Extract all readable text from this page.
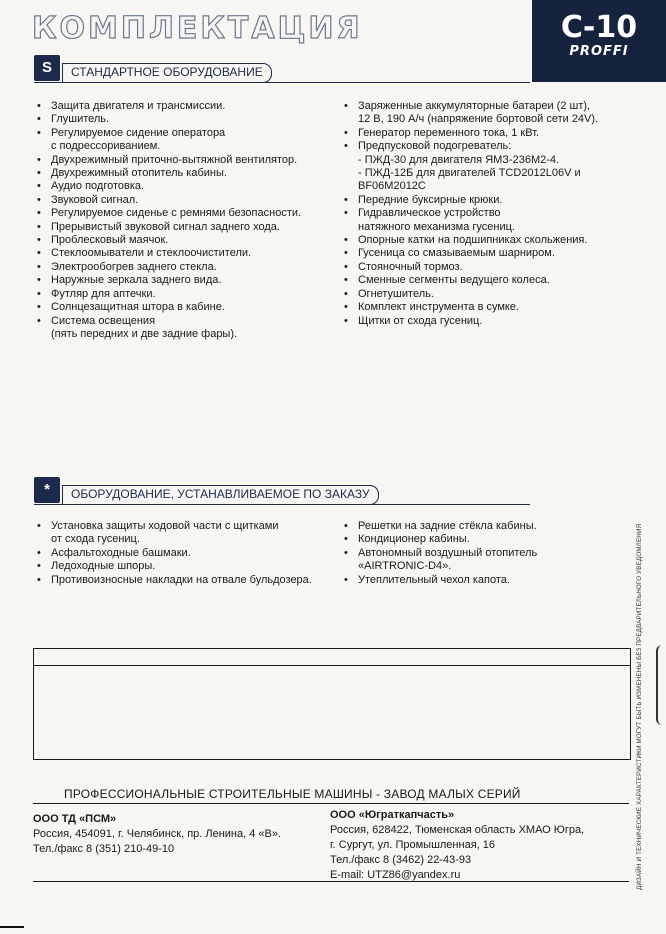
КОМПЛЕКТАЦИЯ	С-10
PROFFI
S	СТАНДАРТНОЕ ОБОРУДОВАНИЕ
• Защита двигателя и трансмиссии.
• Глушитель.
• Регулируемое сидение оператора
с подрессориванием.
• Двухрежимный приточно-вытяжной вентилятор.
• Двухрежимный отопитель кабины.
• Аудио подготовка.
• Звуковой сигнал.
• Регулируемое сиденье с ремнями безопасности.
• Прерывистый звуковой сигнал заднего хода.
• Проблесковый маячок.
• Стеклоомыватели и стеклоочистители.
• Электрообогрев заднего стекла.
• Наружные зеркала заднего вида.
• Футляр для аптечки.
• Солнцезащитная штора в кабине.
• Система освещения
(пять передних и две задние фары).
• Заряженные аккумуляторные батареи (2 шт),
12 В, 190 А/ч (напряжение бортовой сети 24V).
• Генератор переменного тока, 1 кВт.
• Предпусковой подогреватель:
- ПЖД-30 для двигателя ЯМЗ-236М2-4.
- ПЖД-12Б для двигателей TCD2012L06V и
BF06M2012C
• Передние буксирные крюки.
• Гидравлическое устройство
натяжного механизма гусениц.
• Опорные катки на подшипниках скольжения.
• Гусеница со смазываемым шарниром.
• Стояночный тормоз.
• Сменные сегменты ведущего колеса.
• Огнетушитель.
• Комплект инструмента в сумке.
• Щитки от схода гусениц.
*	ОБОРУДОВАНИЕ, УСТАНАВЛИВАЕМОЕ ПО ЗАКАЗУ
• Установка защиты ходовой части с щитками
от схода гусениц.
• Асфальтоходные башмаки.
• Ледоходные шпоры.
• Противоизносные накладки на отвале бульдозера.
• Решетки на задние стёкла кабины.
• Кондиционер кабины.
• Автономный воздушный отопитель
«AIRTRONIC-D4».
• Утеплительный чехол капота.
ПРОФЕССИОНАЛЬНЫЕ СТРОИТЕЛЬНЫЕ МАШИНЫ - ЗАВОД МАЛЫХ СЕРИЙ
ООО ТД «ПСМ»
Россия, 454091, г. Челябинск, пр. Ленина, 4 «В».
Тел./факс 8 (351) 210-49-10
ООО «Юграткапчасть»
Россия, 628422, Тюменская область ХМАО Югра,
г. Сургут, ул. Промышленная, 16
Тел./факс 8 (3462) 22-43-93
E-mail: UTZ86@yandex.ru	ДИЗАЙН И ТЕХНИЧЕСКИЕ ХАРАКТЕРИСТИКИ МОГУТ БЫТЬ ИЗМЕНЕНЫ БЕЗ ПРЕДВАРИТЕЛЬНОГО УВЕДОМЛЕНИЯ
